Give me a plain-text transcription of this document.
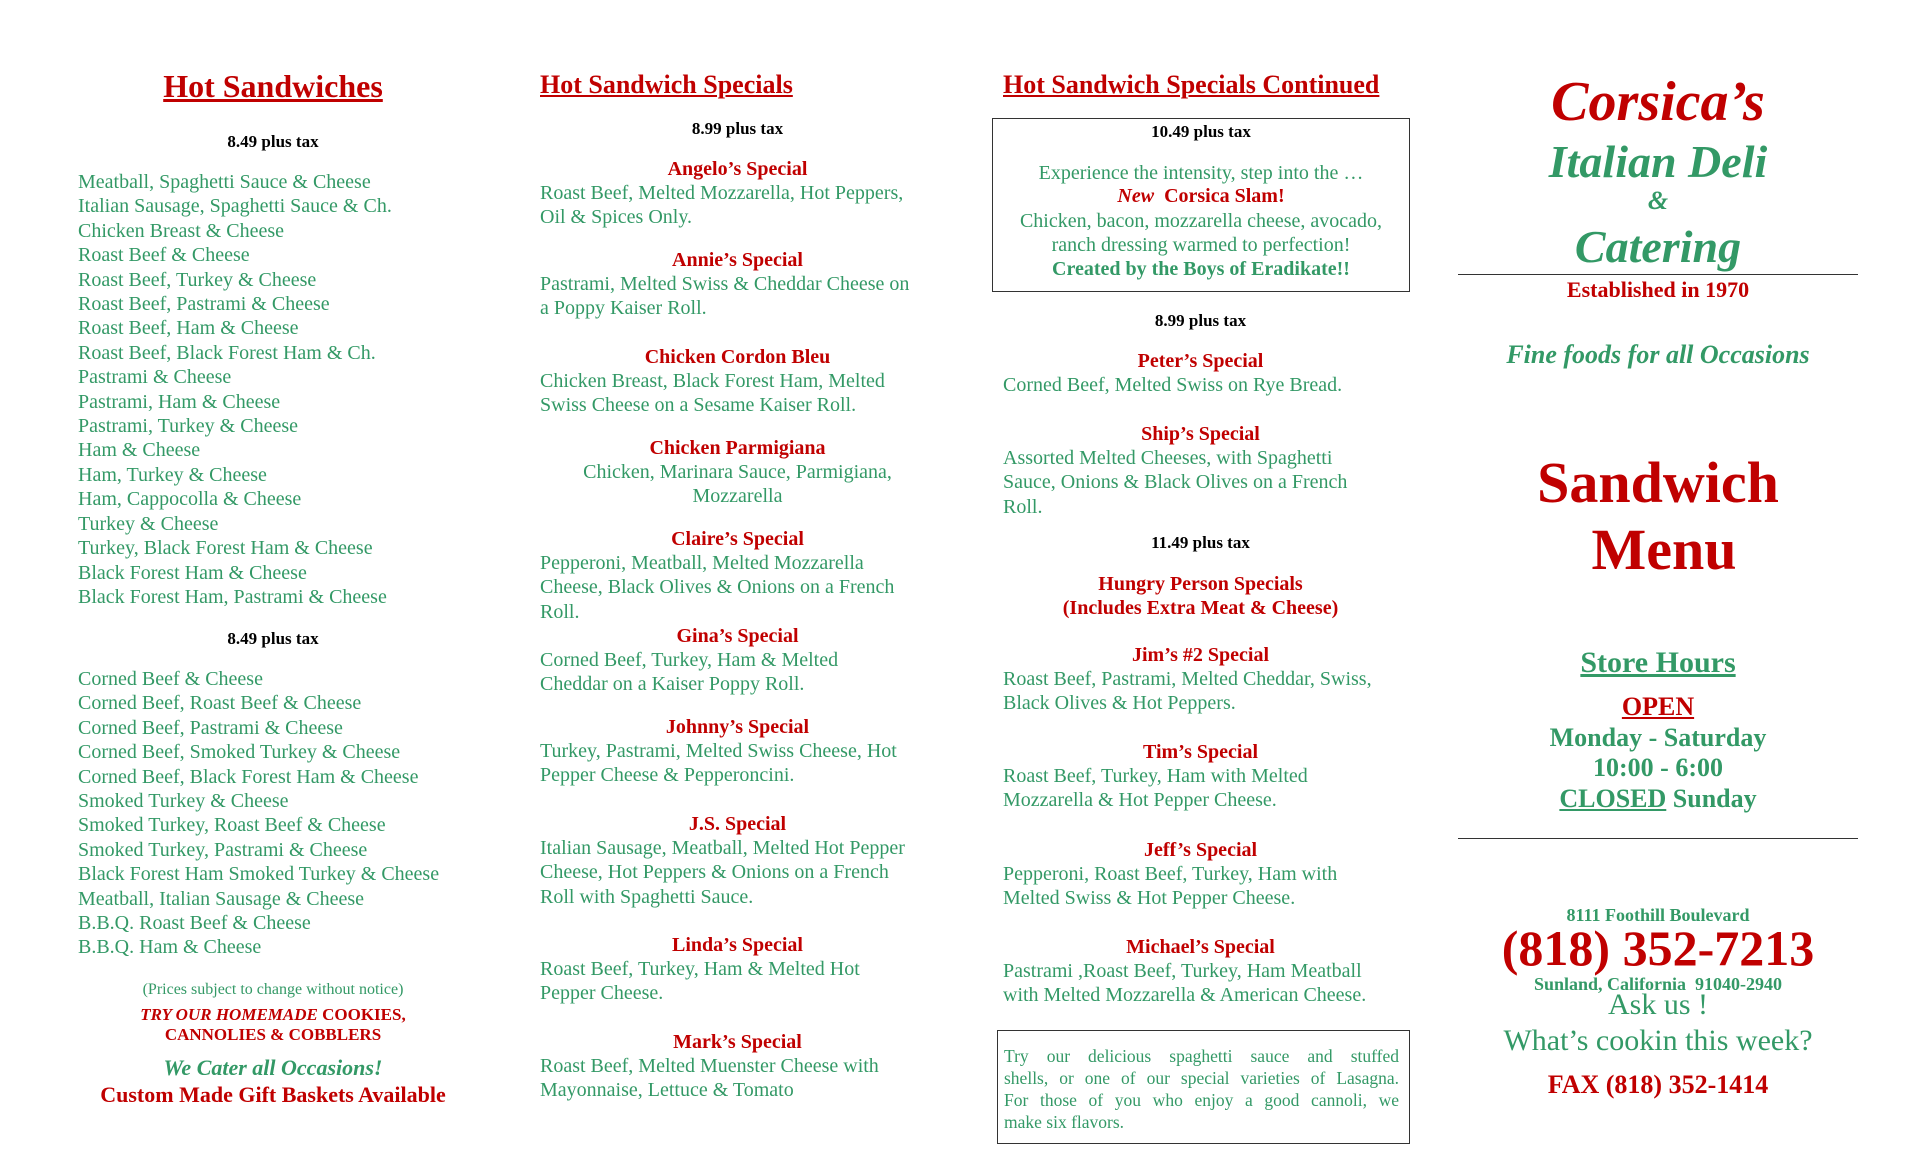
Hot Sandwiches
8.49 plus tax
Meatball, Spaghetti Sauce & Cheese
Italian Sausage, Spaghetti Sauce & Ch.
Chicken Breast & Cheese
Roast Beef & Cheese
Roast Beef, Turkey & Cheese
Roast Beef, Pastrami & Cheese
Roast Beef, Ham & Cheese
Roast Beef, Black Forest Ham & Ch.
Pastrami & Cheese
Pastrami, Ham & Cheese
Pastrami, Turkey & Cheese
Ham & Cheese
Ham, Turkey & Cheese
Ham, Cappocolla & Cheese
Turkey & Cheese
Turkey, Black Forest Ham & Cheese
Black Forest Ham & Cheese
Black Forest Ham, Pastrami & Cheese
8.49 plus tax
Corned Beef & Cheese
Corned Beef, Roast Beef & Cheese
Corned Beef, Pastrami & Cheese
Corned Beef, Smoked Turkey & Cheese
Corned Beef, Black Forest Ham & Cheese
Smoked Turkey & Cheese
Smoked Turkey, Roast Beef & Cheese
Smoked Turkey, Pastrami & Cheese
Black Forest Ham Smoked Turkey & Cheese
Meatball, Italian Sausage & Cheese
B.B.Q. Roast Beef & Cheese
B.B.Q. Ham & Cheese
(Prices subject to change without notice)
TRY OUR HOMEMADE COOKIES,
CANNOLIES & COBBLERS
We Cater all Occasions!
Custom Made Gift Baskets Available
Hot Sandwich Specials
8.99 plus tax
Angelo’s Special
Roast Beef, Melted Mozzarella, Hot Peppers,
Oil & Spices Only.
Annie’s Special
Pastrami, Melted Swiss & Cheddar Cheese on
a Poppy Kaiser Roll.
Chicken Cordon Bleu
Chicken Breast, Black Forest Ham, Melted
Swiss Cheese on a Sesame Kaiser Roll.
Chicken Parmigiana
Chicken, Marinara Sauce, Parmigiana,
Mozzarella
Claire’s Special
Pepperoni, Meatball, Melted Mozzarella
Cheese, Black Olives & Onions on a French
Roll.
Gina’s Special
Corned Beef, Turkey, Ham & Melted
Cheddar on a Kaiser Poppy Roll.
Johnny’s Special
Turkey, Pastrami, Melted Swiss Cheese, Hot
Pepper Cheese & Pepperoncini.
J.S. Special
Italian Sausage, Meatball, Melted Hot Pepper
Cheese, Hot Peppers & Onions on a French
Roll with Spaghetti Sauce.
Linda’s Special
Roast Beef, Turkey, Ham & Melted Hot
Pepper Cheese.
Mark’s Special
Roast Beef, Melted Muenster Cheese with
Mayonnaise, Lettuce & Tomato
Hot Sandwich Specials Continued
10.49 plus tax
Experience the intensity, step into the …
New Corsica Slam!
Chicken, bacon, mozzarella cheese, avocado,
ranch dressing warmed to perfection!
Created by the Boys of Eradikate!!
8.99 plus tax
Peter’s Special
Corned Beef, Melted Swiss on Rye Bread.
Ship’s Special
Assorted Melted Cheeses, with Spaghetti
Sauce, Onions & Black Olives on a French
Roll.
11.49 plus tax
Hungry Person Specials
(Includes Extra Meat & Cheese)
Jim’s #2 Special
Roast Beef, Pastrami, Melted Cheddar, Swiss,
Black Olives & Hot Peppers.
Tim’s Special
Roast Beef, Turkey, Ham with Melted
Mozzarella & Hot Pepper Cheese.
Jeff’s Special
Pepperoni, Roast Beef, Turkey, Ham with
Melted Swiss & Hot Pepper Cheese.
Michael’s Special
Pastrami ,Roast Beef, Turkey, Ham Meatball
with Melted Mozzarella & American Cheese.
Try our delicious spaghetti sauce and stuffed
shells, or one of our special varieties of Lasagna.
For those of you who enjoy a good cannoli, we
make six flavors.
Corsica’s
Italian Deli
&
Catering
Established in 1970
Fine foods for all Occasions
Sandwich
Menu
Store Hours
OPEN
Monday - Saturday
10:00 - 6:00
CLOSED Sunday

8111 Foothill Boulevard

Sunland, California  91040-2940

(818) 352-7213
Ask us !
What’s cookin this week?
FAX (818) 352-1414
